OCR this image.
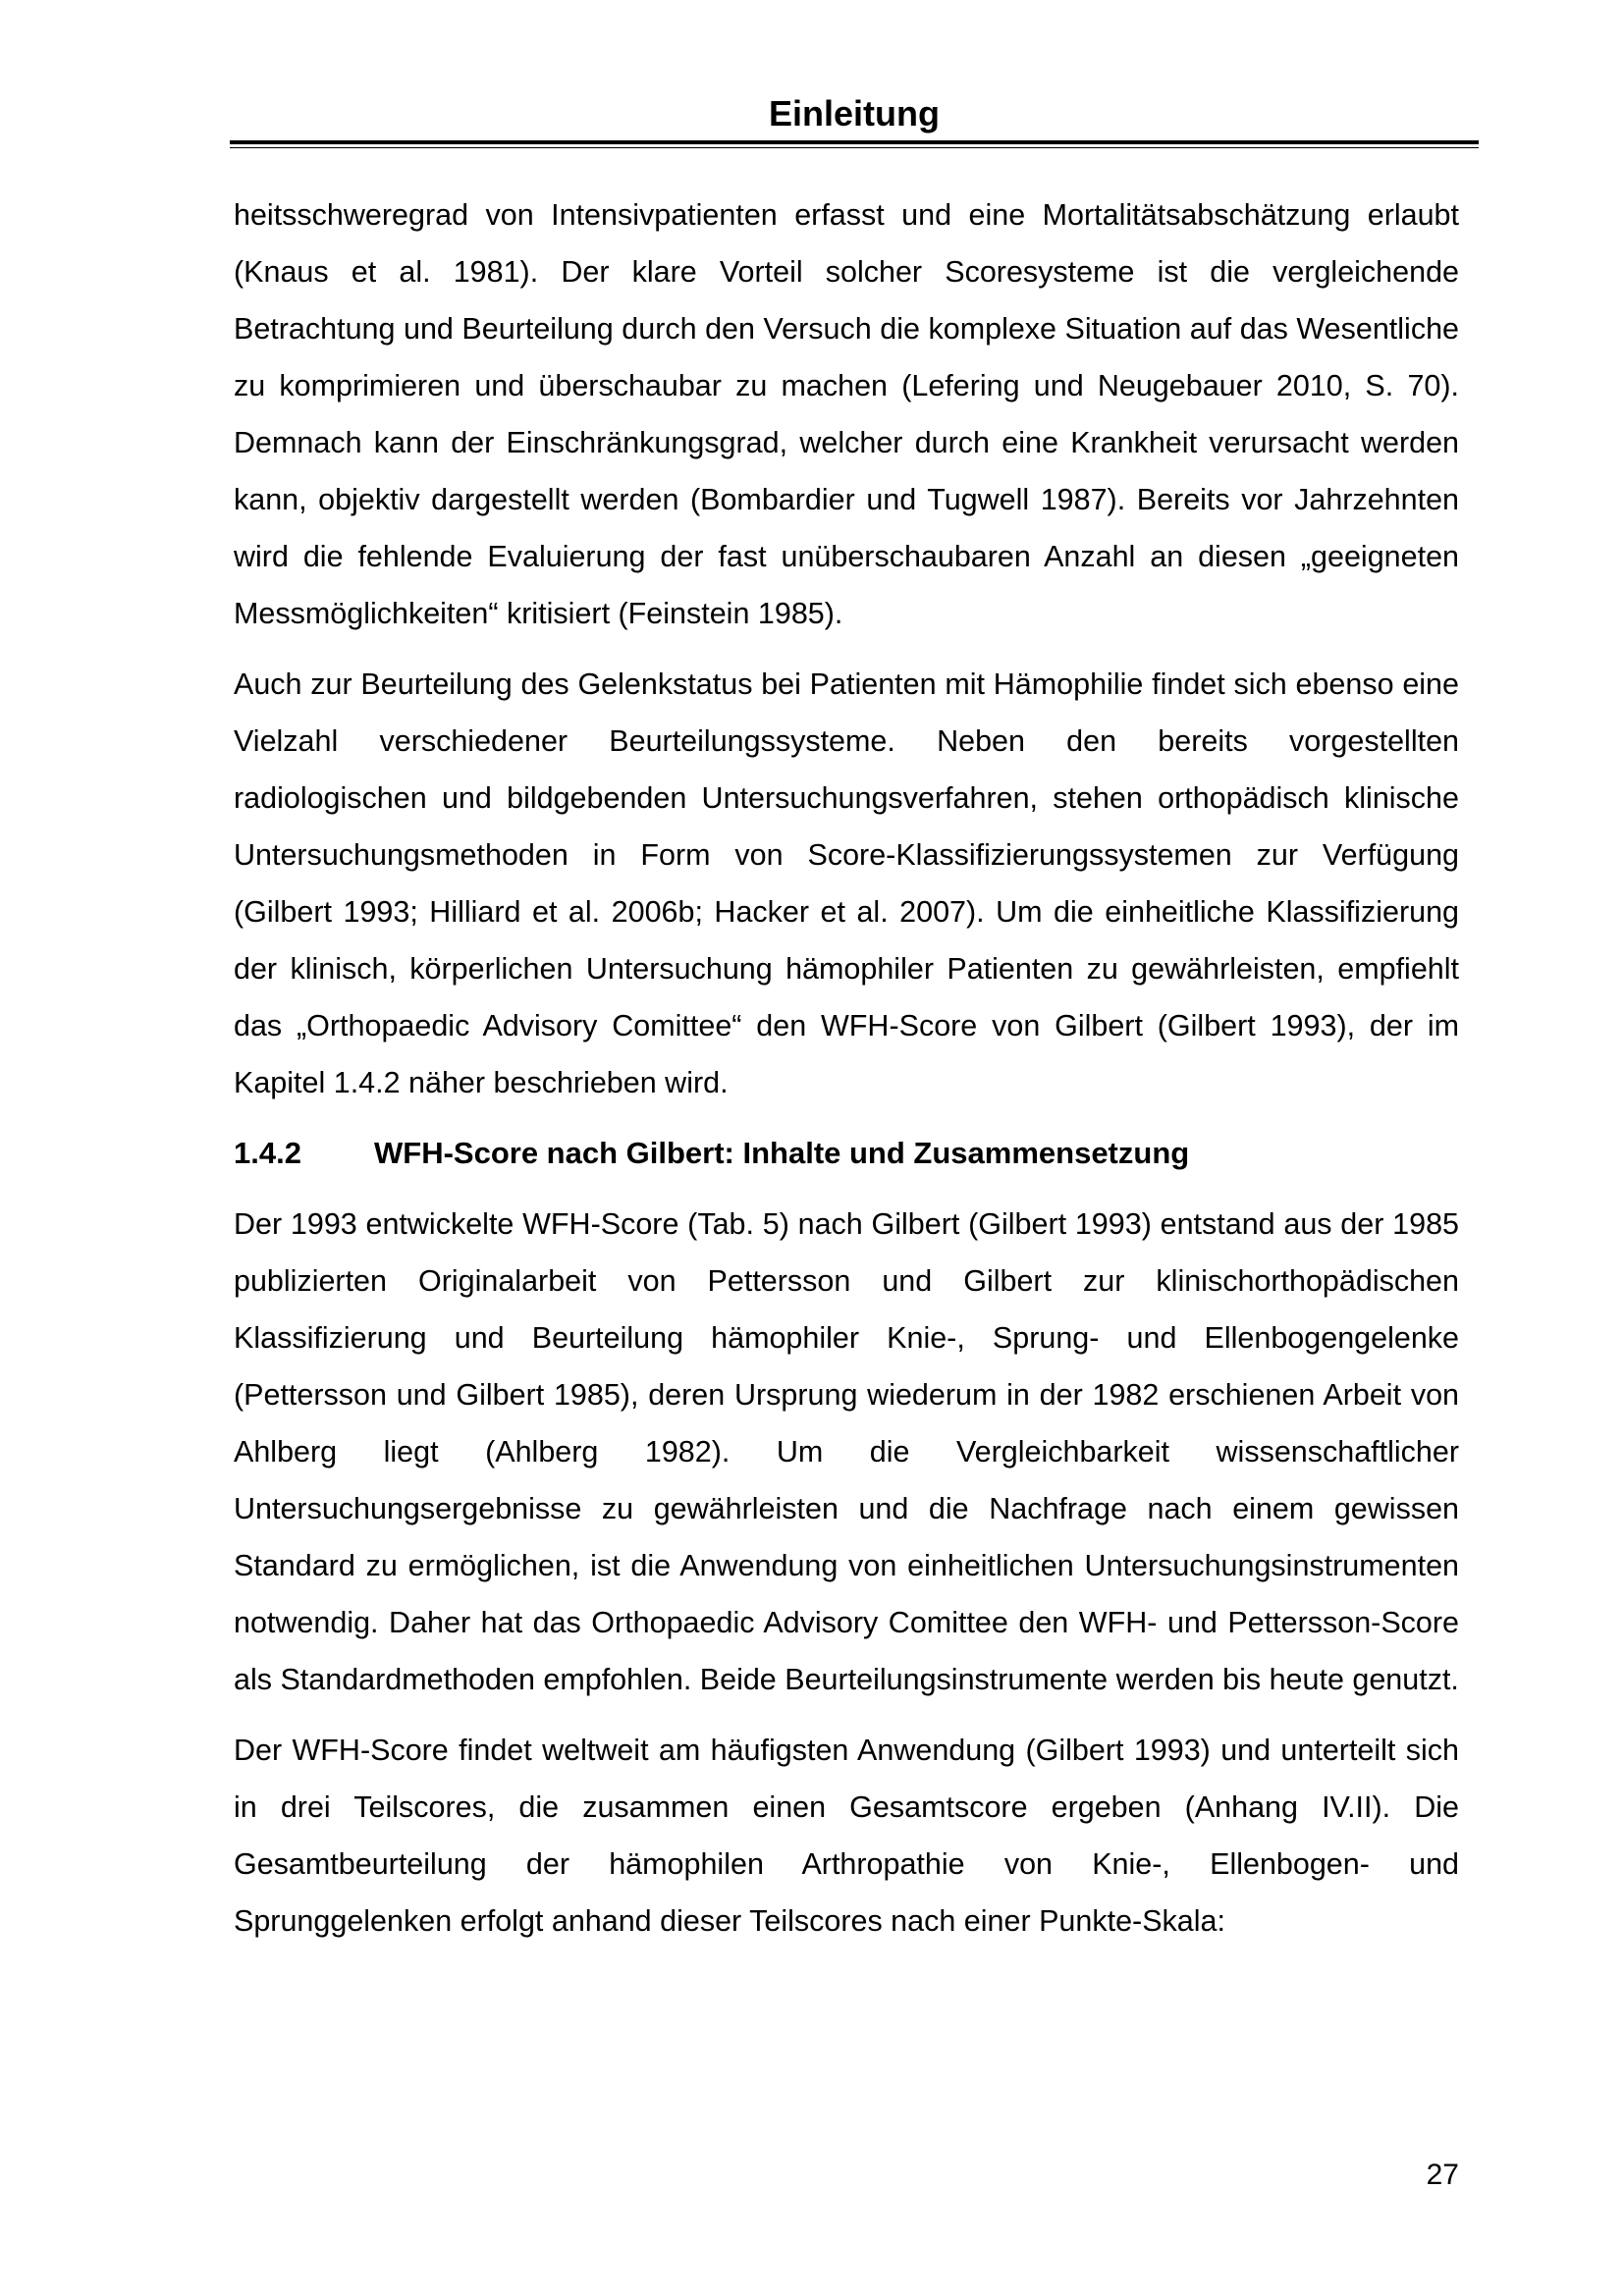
Einleitung

heitsschweregrad von Intensivpatienten erfasst und eine Mortalitätsabschätzung erlaubt (Knaus et al. 1981). Der klare Vorteil solcher Scoresysteme ist die vergleichende Betrachtung und Beurteilung durch den Versuch die komplexe Situation auf das Wesentliche zu komprimieren und überschaubar zu machen (Lefering und Neugebauer 2010, S. 70). Demnach kann der Einschränkungsgrad, welcher durch eine Krankheit verursacht werden kann, objektiv dargestellt werden (Bombardier und Tugwell 1987). Bereits vor Jahrzehnten wird die fehlende Evaluierung der fast unüberschaubaren Anzahl an diesen „geeigneten Messmöglichkeiten“ kritisiert (Feinstein 1985).

Auch zur Beurteilung des Gelenkstatus bei Patienten mit Hämophilie findet sich ebenso eine Vielzahl verschiedener Beurteilungssysteme. Neben den bereits vorgestellten radiologischen und bildgebenden Untersuchungsverfahren, stehen orthopädisch klinische Untersuchungsmethoden in Form von Score-Klassifizierungssystemen zur Verfügung (Gilbert 1993; Hilliard et al. 2006b; Hacker et al. 2007). Um die einheitliche Klassifizierung der klinisch, körperlichen Untersuchung hämophiler Patienten zu gewährleisten, empfiehlt das „Orthopaedic Advisory Comittee“ den WFH-Score von Gilbert (Gilbert 1993), der im Kapitel 1.4.2 näher beschrieben wird.

1.4.2	WFH-Score nach Gilbert: Inhalte und Zusammensetzung

Der 1993 entwickelte WFH-Score (Tab. 5) nach Gilbert (Gilbert 1993) entstand aus der 1985 publizierten Originalarbeit von Pettersson und Gilbert zur klinischorthopädischen Klassifizierung und Beurteilung hämophiler Knie-, Sprung- und Ellenbogengelenke (Pettersson und Gilbert 1985), deren Ursprung wiederum in der 1982 erschienen Arbeit von Ahlberg liegt (Ahlberg 1982). Um die Vergleichbarkeit wissenschaftlicher Untersuchungsergebnisse zu gewährleisten und die Nachfrage nach einem gewissen Standard zu ermöglichen, ist die Anwendung von einheitlichen Untersuchungsinstrumenten notwendig. Daher hat das Orthopaedic Advisory Comittee den WFH- und Pettersson-Score als Standardmethoden empfohlen. Beide Beurteilungsinstrumente werden bis heute genutzt.

Der WFH-Score findet weltweit am häufigsten Anwendung (Gilbert 1993) und unterteilt sich in drei Teilscores, die zusammen einen Gesamtscore ergeben (Anhang IV.II). Die Gesamtbeurteilung der hämophilen Arthropathie von Knie-, Ellenbogen- und Sprunggelenken erfolgt anhand dieser Teilscores nach einer Punkte-Skala:

27
